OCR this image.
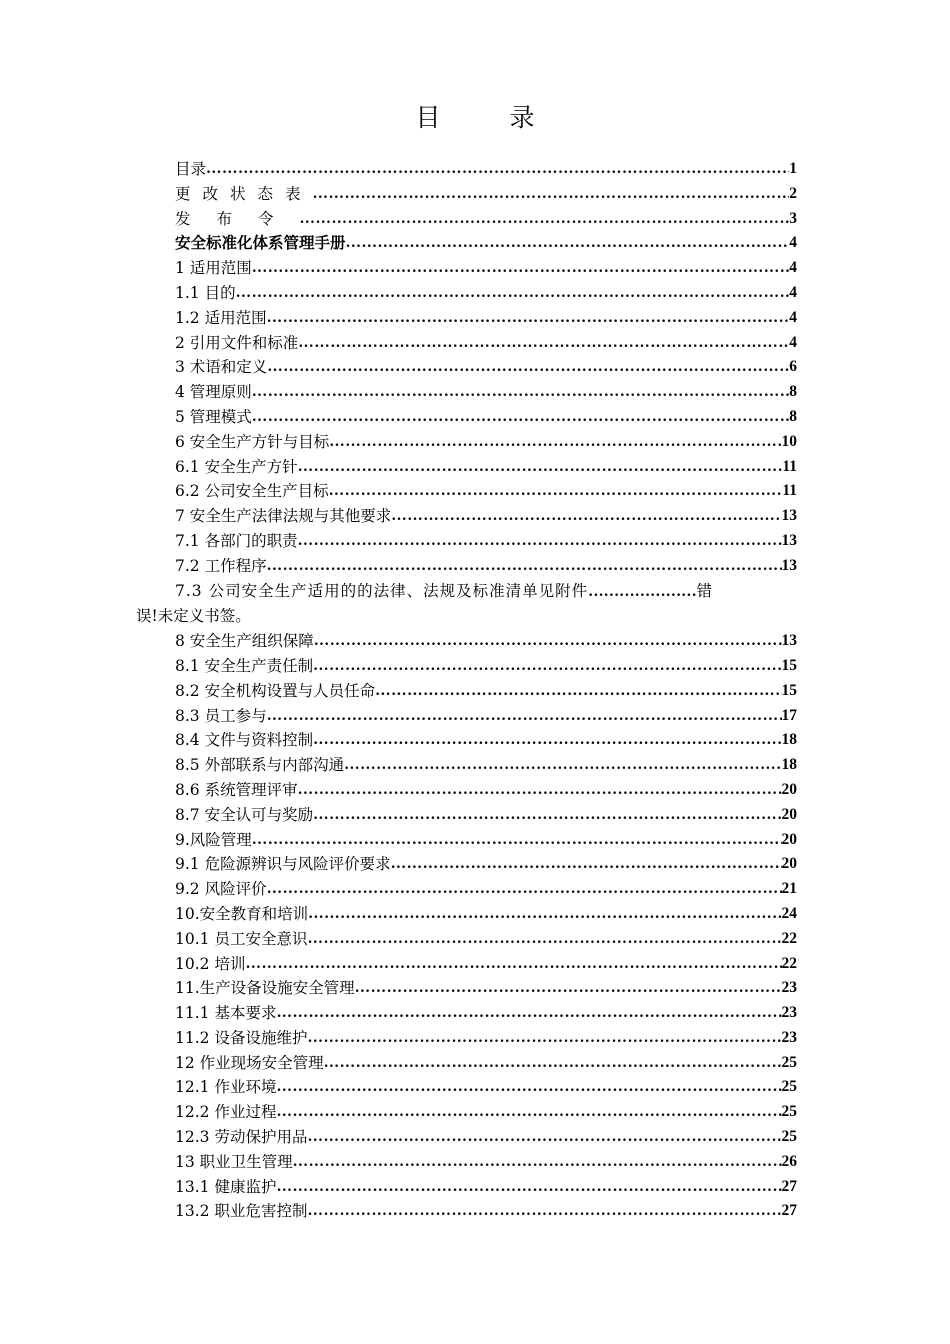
目　录
目录 ………………………………………………………………………………………………………………………………………………………………	1
更改状态表 ………………………………………………………………………………………………………………………………………………………………	2
发布令 ………………………………………………………………………………………………………………………………………………………………	3
安全标准化体系管理手册 ………………………………………………………………………………………………………………………………………………………………	4
1 适用范围 ………………………………………………………………………………………………………………………………………………………………	4
1.1 目的 ………………………………………………………………………………………………………………………………………………………………	4
1.2 适用范围 ………………………………………………………………………………………………………………………………………………………………	4
2 引用文件和标准 ………………………………………………………………………………………………………………………………………………………………	4
3 术语和定义 ………………………………………………………………………………………………………………………………………………………………	6
4 管理原则 ………………………………………………………………………………………………………………………………………………………………	8
5 管理模式 ………………………………………………………………………………………………………………………………………………………………	8
6 安全生产方针与目标 ………………………………………………………………………………………………………………………………………………………………	10
6.1 安全生产方针 ………………………………………………………………………………………………………………………………………………………………	11
6.2 公司安全生产目标 ………………………………………………………………………………………………………………………………………………………………	11
7 安全生产法律法规与其他要求 ………………………………………………………………………………………………………………………………………………………………	13
7.1 各部门的职责 ………………………………………………………………………………………………………………………………………………………………	13
7.2 工作程序 ………………………………………………………………………………………………………………………………………………………………	13
7.3 公司安全生产适用的的法律、法规及标准清单见附件…………………错
误!未定义书签。
8 安全生产组织保障 ………………………………………………………………………………………………………………………………………………………………	13
8.1 安全生产责任制 ………………………………………………………………………………………………………………………………………………………………	15
8.2 安全机构设置与人员任命 ………………………………………………………………………………………………………………………………………………………………	15
8.3 员工参与 ………………………………………………………………………………………………………………………………………………………………	17
8.4 文件与资料控制 ………………………………………………………………………………………………………………………………………………………………	18
8.5 外部联系与内部沟通 ………………………………………………………………………………………………………………………………………………………………	18
8.6 系统管理评审 ………………………………………………………………………………………………………………………………………………………………	20
8.7 安全认可与奖励 ………………………………………………………………………………………………………………………………………………………………	20
9.风险管理 ………………………………………………………………………………………………………………………………………………………………	20
9.1 危险源辨识与风险评价要求 ………………………………………………………………………………………………………………………………………………………………	20
9.2 风险评价 ………………………………………………………………………………………………………………………………………………………………	21
10.安全教育和培训 ………………………………………………………………………………………………………………………………………………………………	24
10.1 员工安全意识 ………………………………………………………………………………………………………………………………………………………………	22
10.2 培训 ………………………………………………………………………………………………………………………………………………………………	22
11.生产设备设施安全管理 ………………………………………………………………………………………………………………………………………………………………	23
11.1 基本要求 ………………………………………………………………………………………………………………………………………………………………	23
11.2 设备设施维护 ………………………………………………………………………………………………………………………………………………………………	23
12 作业现场安全管理 ………………………………………………………………………………………………………………………………………………………………	25
12.1 作业环境 ………………………………………………………………………………………………………………………………………………………………	25
12.2 作业过程 ………………………………………………………………………………………………………………………………………………………………	25
12.3 劳动保护用品 ………………………………………………………………………………………………………………………………………………………………	25
13 职业卫生管理 ………………………………………………………………………………………………………………………………………………………………	26
13.1 健康监护 ………………………………………………………………………………………………………………………………………………………………	27
13.2 职业危害控制 ………………………………………………………………………………………………………………………………………………………………	27
